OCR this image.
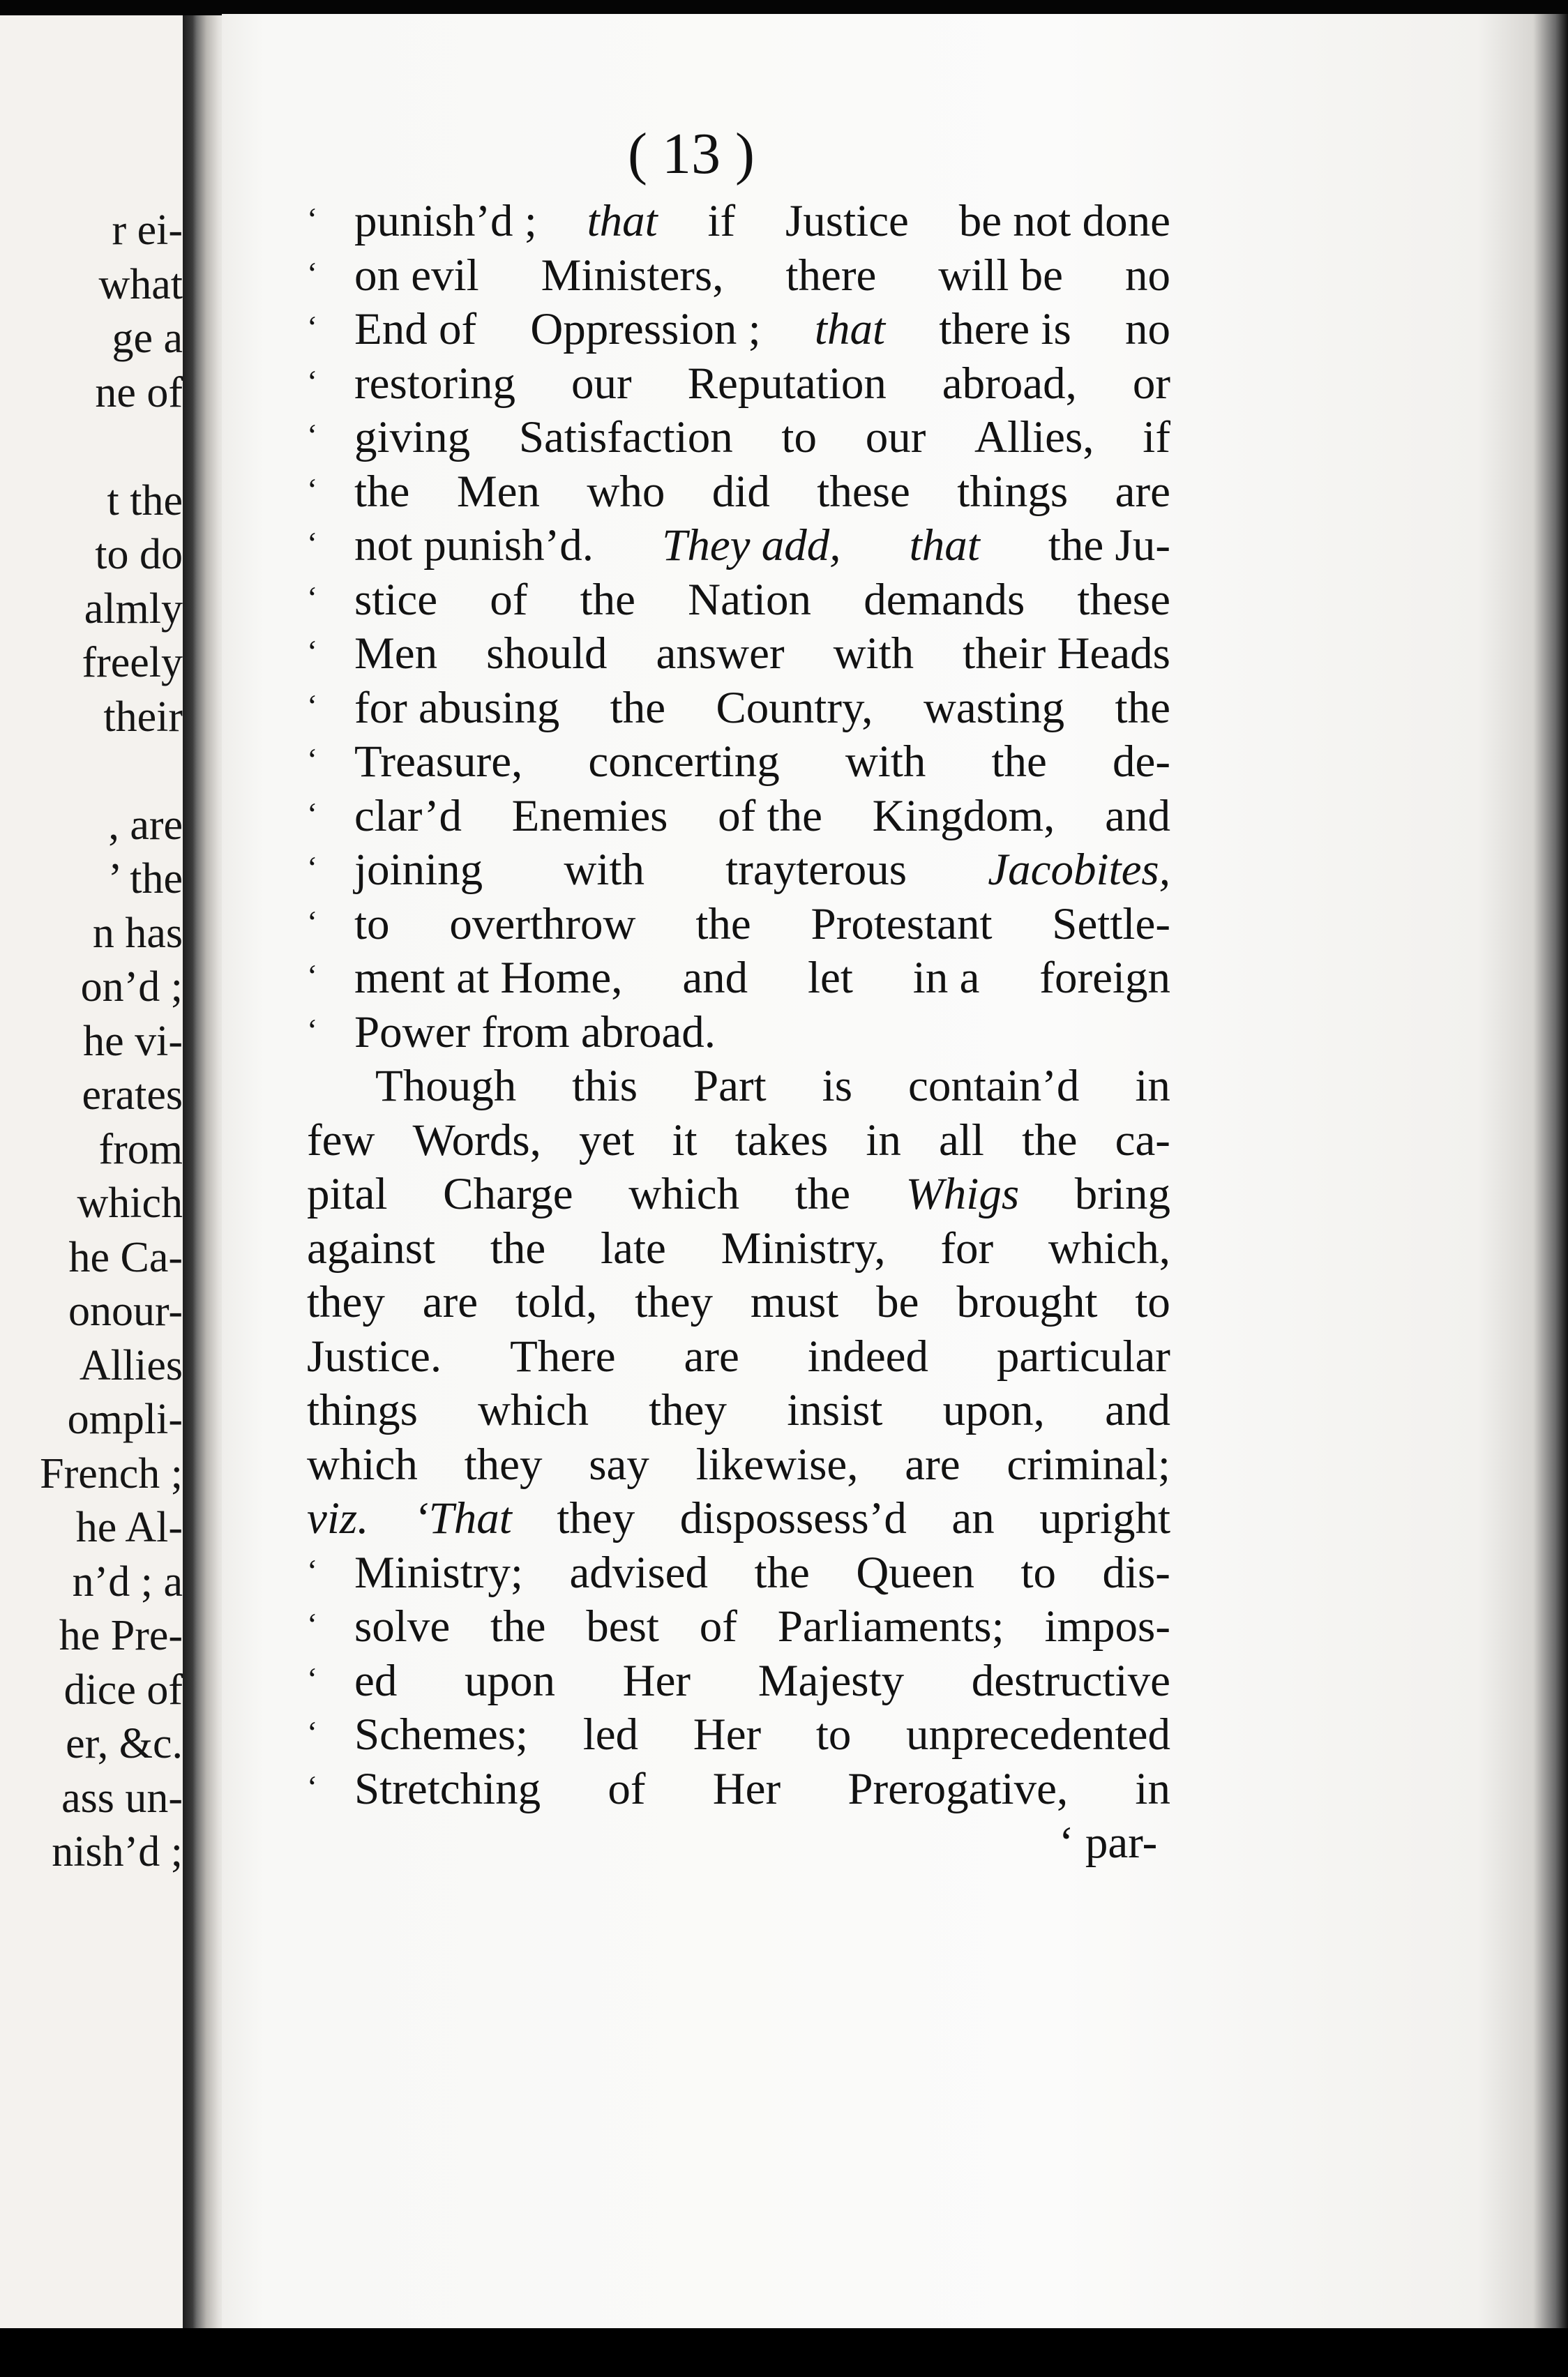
r ei-
what
ge a
ne of
t the
to do
almly
freely
their
, are
’ the
n has
on’d ;
he vi-
erates
from
which
he Ca-
onour-
Allies
ompli-
French ;
he Al-
n’d ; a
he Pre-
dice of
er, &c.
ass un-
nish’d ;
( 13 )
‘ punish’d ; that if Justice be not done
‘ on evil Ministers, there will be no
‘ End of Oppression ; that there is no
‘ restoring our Reputation abroad, or
‘ giving Satisfaction to our Allies, if
‘ the Men who did these things are
‘ not punish’d. They add, that the Ju-
‘ stice of the Nation demands these
‘ Men should answer with their Heads
‘ for abusing the Country, wasting the
‘ Treasure, concerting with the de-
‘ clar’d Enemies of the Kingdom, and
‘ joining with trayterous Jacobites,
‘ to overthrow the Protestant Settle-
‘ ment at Home, and let in a foreign
‘ Power from abroad.
Though this Part is contain’d in
few Words, yet it takes in all the ca-
pital Charge which the Whigs bring
against the late Ministry, for which,
they are told, they must be brought to
Justice. There are indeed particular
things which they insist upon, and
which they say likewise, are criminal;
viz. ‘That they dispossess’d an upright
‘ Ministry; advised the Queen to dis-
‘ solve the best of Parliaments; impos-
‘ ed upon Her Majesty destructive
‘ Schemes; led Her to unprecedented
‘ Stretching of Her Prerogative, in
‘ par-
